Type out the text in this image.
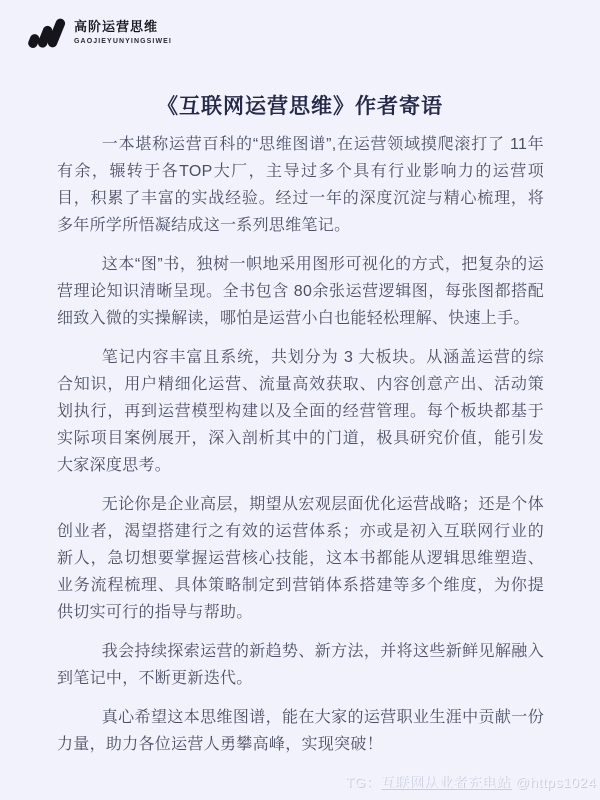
高阶运营思维
GAOJIEYUNYINGSIWEI
《互联网运营思维》作者寄语

一本堪称运营百科的“思维图谱”,在运营领域摸爬滚打了 11年有余，辗转于各TOP大厂，主导过多个具有行业影响力的运营项目，积累了丰富的实战经验。经过一年的深度沉淀与精心梳理，将多年所学所悟凝结成这一系列思维笔记。

这本“图”书，独树一帜地采用图形可视化的方式，把复杂的运营理论知识清晰呈现。全书包含 80余张运营逻辑图，每张图都搭配细致入微的实操解读，哪怕是运营小白也能轻松理解、快速上手。

笔记内容丰富且系统，共划分为 3 大板块。从涵盖运营的综合知识，用户精细化运营、流量高效获取、内容创意产出、活动策划执行，再到运营模型构建以及全面的经营管理。每个板块都基于实际项目案例展开，深入剖析其中的门道，极具研究价值，能引发大家深度思考。

无论你是企业高层，期望从宏观层面优化运营战略；还是个体创业者，渴望搭建行之有效的运营体系；亦或是初入互联网行业的新人，急切想要掌握运营核心技能，这本书都能从逻辑思维塑造、业务流程梳理、具体策略制定到营销体系搭建等多个维度，为你提供切实可行的指导与帮助。

我会持续探索运营的新趋势、新方法，并将这些新鲜见解融入到笔记中，不断更新迭代。

真心希望这本思维图谱，能在大家的运营职业生涯中贡献一份力量，助力各位运营人勇攀高峰，实现突破！

TG：互联网从业者充电站 @https1024
